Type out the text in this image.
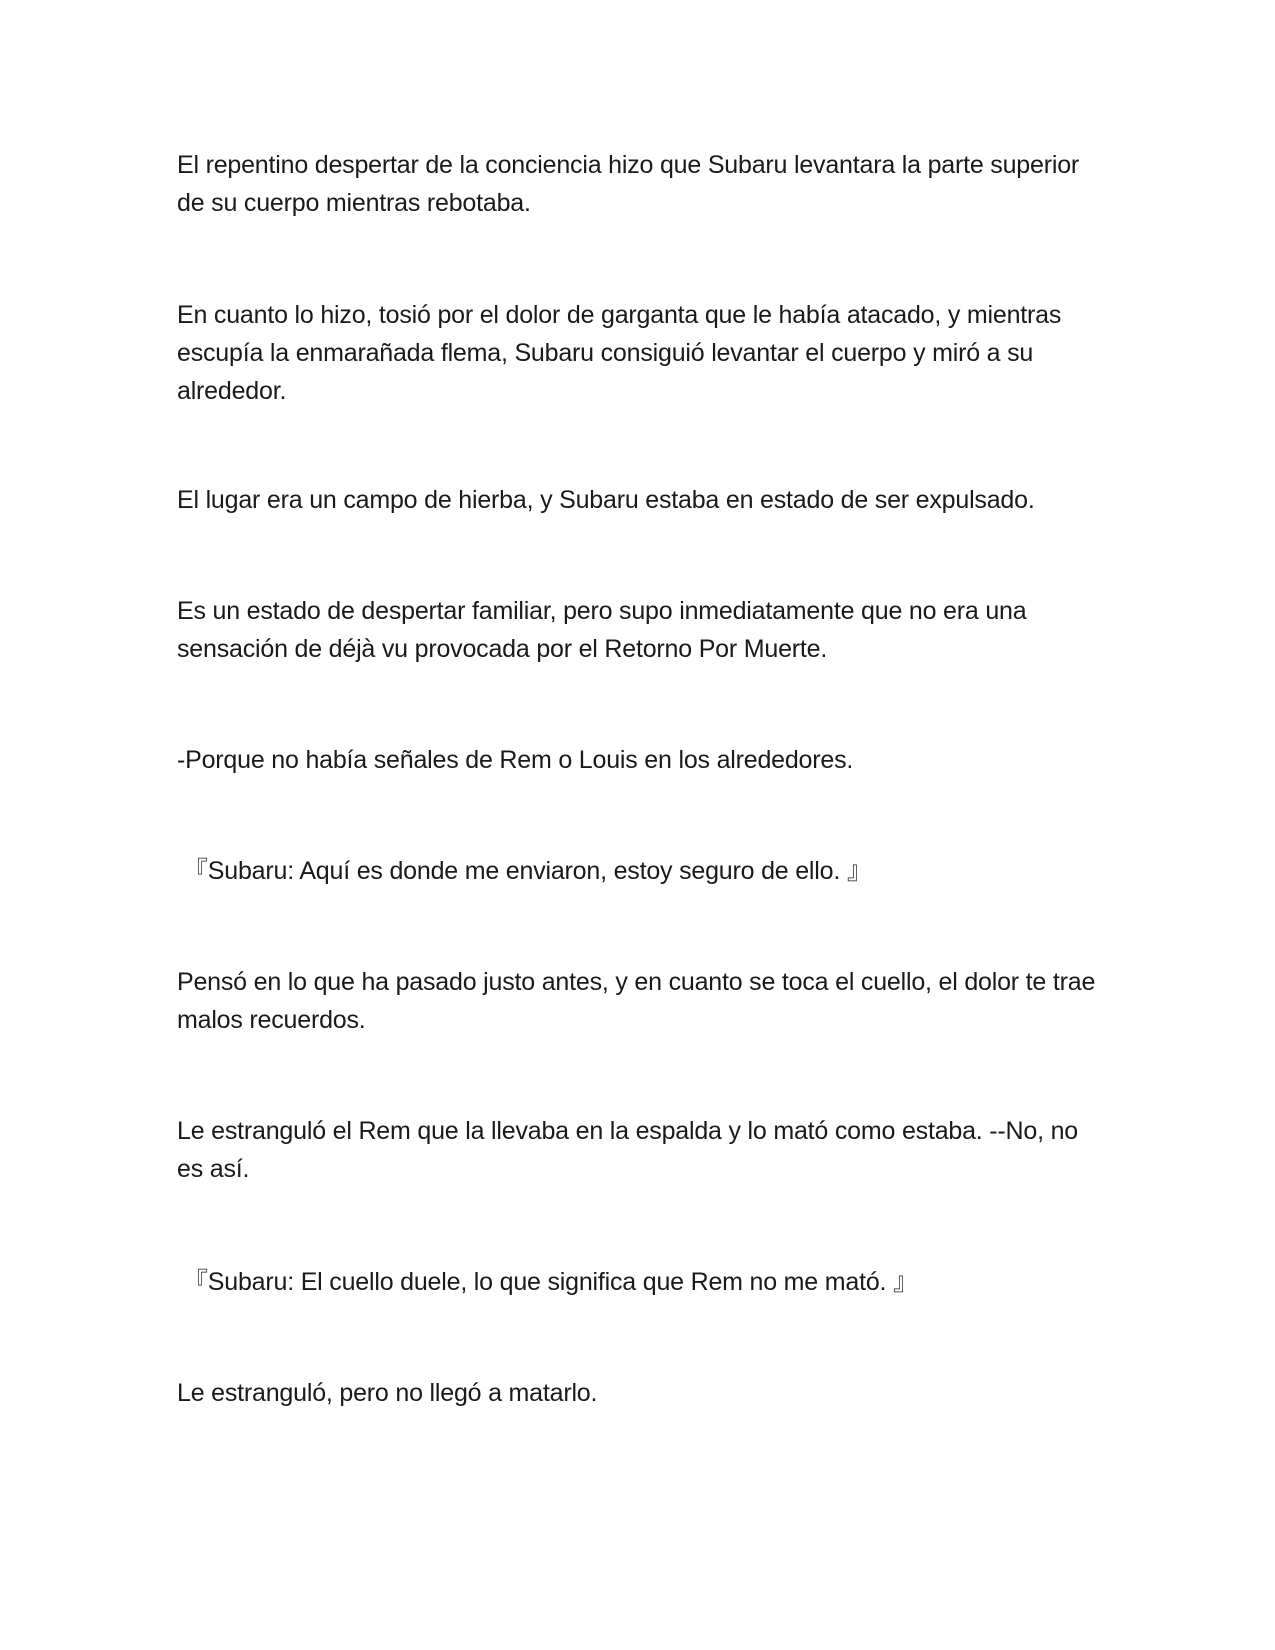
El repentino despertar de la conciencia hizo que Subaru levantara la parte superior de su cuerpo mientras rebotaba.

En cuanto lo hizo, tosió por el dolor de garganta que le había atacado, y mientras escupía la enmarañada flema, Subaru consiguió levantar el cuerpo y miró a su alrededor.

El lugar era un campo de hierba, y Subaru estaba en estado de ser expulsado.

Es un estado de despertar familiar, pero supo inmediatamente que no era una sensación de déjà vu provocada por el Retorno Por Muerte.

-Porque no había señales de Rem o Louis en los alrededores.

『Subaru: Aquí es donde me enviaron, estoy seguro de ello. 』

Pensó en lo que ha pasado justo antes, y en cuanto se toca el cuello, el dolor te trae malos recuerdos.

Le estranguló el Rem que la llevaba en la espalda y lo mató como estaba. --No, no es así.

『Subaru: El cuello duele, lo que significa que Rem no me mató. 』

Le estranguló, pero no llegó a matarlo.
